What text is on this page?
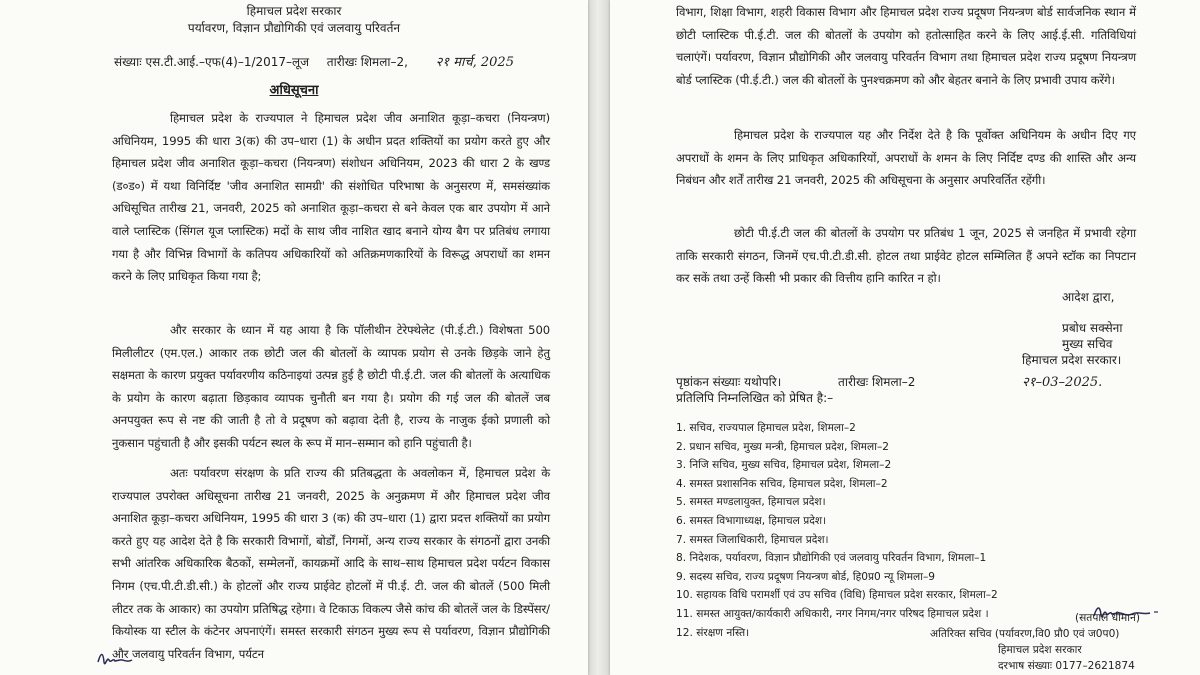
हिमाचल प्रदेश सरकार
पर्यावरण, विज्ञान प्रौद्योगिकी एवं जलवायु परिवर्तन
संख्याः एस.टी.आई.–एफ(4)–1/2017–लूज तारीखः शिमला–2, २१ मार्च, 2025
अधिसूचना
हिमाचल प्रदेश के राज्यपाल ने हिमाचल प्रदेश जीव अनाशित कूड़ा–कचरा (नियन्त्रण) अधिनियम, 1995 की धारा 3(क) की उप–धारा (1) के अधीन प्रदत शक्तियों का प्रयोग करते हुए और हिमाचल प्रदेश जीव अनाशित कूड़ा–कचरा (नियन्त्रण) संशोधन अधिनियम, 2023 की धारा 2 के खण्ड (ड०ड०) में यथा विनिर्दिष्ट 'जीव अनाशित सामग्री' की संशोधित परिभाषा के अनुसरण में, समसंख्यांक अधिसूचित तारीख 21, जनवरी, 2025 को अनाशित कूड़ा–कचरा से बने केवल एक बार उपयोग में आने वाले प्लास्टिक (सिंगल यूज प्लास्टिक) मदों के साथ जीव नाशित खाद बनाने योग्य बैग पर प्रतिबंध लगाया गया है और विभिन्न विभागों के कतिपय अधिकारियों को अतिक्रमणकारियों के विरूद्ध अपराधों का शमन करने के लिए प्राधिकृत किया गया है;
और सरकार के ध्यान में यह आया है कि पॉलीथीन टेरेफ्थेलेट (पी.ई.टी.) विशेषता 500 मिलीलीटर (एम.एल.) आकार तक छोटी जल की बोतलों के व्यापक प्रयोग से उनके छिड़के जाने हेतु सक्षमता के कारण प्रयुक्त पर्यावरणीय कठिनाइयां उत्पन्न हुई है छोटी पी.ई.टी. जल की बोतलों के अत्याधिक के प्रयोग के कारण बढ़ाता छिड़काव व्यापक चुनौती बन गया है। प्रयोग की गई जल की बोतलें जब अनपयुक्त रूप से नष्ट की जाती है तो वे प्रदूषण को बढ़ावा देती है, राज्य के नाजुक ईको प्रणाली को नुकसान पहुंचाती है और इसकी पर्यटन स्थल के रूप में मान–सम्मान को हानि पहुंचाती है।
अतः पर्यावरण संरक्षण के प्रति राज्य की प्रतिबद्धता के अवलोकन में, हिमाचल प्रदेश के राज्यपाल उपरोक्त अधिसूचना तारीख 21 जनवरी, 2025 के अनुक्रमण में और हिमाचल प्रदेश जीव अनाशित कूड़ा–कचरा अधिनियम, 1995 की धारा 3 (क) की उप–धारा (1) द्वारा प्रदत्त शक्तियों का प्रयोग करते हुए यह आदेश देते है कि सरकारी विभागों, बोर्डों, निगमों, अन्य राज्य सरकार के संगठनों द्वारा उनकी सभी आंतरिक अधिकारिक बैठकों, सम्मेलनों, कायक्रमों आदि के साथ–साथ हिमाचल प्रदेश पर्यटन विकास निगम (एच.पी.टी.डी.सी.) के होटलों और राज्य प्राईवेट होटलों में पी.ई. टी. जल की बोतलें (500 मिली लीटर तक के आकार) का उपयोग प्रतिषिद्ध रहेगा। वे टिकाऊ विकल्प जैसे कांच की बोतलें जल के डिस्पेंसर/कियोस्क या स्टील के कंटेनर अपनाएंगें। समस्त सरकारी संगठन मुख्य रूप से पर्यावरण, विज्ञान प्रौद्योगिकी और जलवायु परिवर्तन विभाग, पर्यटन
विभाग, शिक्षा विभाग, शहरी विकास विभाग और हिमाचल प्रदेश राज्य प्रदूषण नियन्त्रण बोर्ड सार्वजनिक स्थान में छोटी प्लास्टिक पी.ई.टी. जल की बोतलों के उपयोग को हतोत्साहित करने के लिए आई.ई.सी. गतिविधियां चलाएंगें। पर्यावरण, विज्ञान प्रौद्योगिकी और जलवायु परिवर्तन विभाग तथा हिमाचल प्रदेश राज्य प्रदूषण नियन्त्रण बोर्ड प्लास्टिक (पी.ई.टी.) जल की बोतलों के पुनश्चक्रमण को और बेहतर बनाने के लिए प्रभावी उपाय करेंगे।
हिमाचल प्रदेश के राज्यपाल यह और निर्देश देते है कि पूर्वोक्त अधिनियम के अधीन दिए गए अपराधों के शमन के लिए प्राधिकृत अधिकारियों, अपराधों के शमन के लिए निर्दिष्ट दण्ड की शास्ति और अन्य निबंधन और शर्तें तारीख 21 जनवरी, 2025 की अधिसूचना के अनुसार अपरिवर्तित रहेंगी।
छोटी पी.ई.टी जल की बोतलों के उपयोग पर प्रतिबंध 1 जून, 2025 से जनहित में प्रभावी रहेगा ताकि सरकारी संगठन, जिनमें एच.पी.टी.डी.सी. होटल तथा प्राईवेट होटल सम्मिलित हैं अपने स्टॉक का निपटान कर सकें तथा उन्हें किसी भी प्रकार की वित्तीय हानि कारित न हो।
आदेश द्वारा,
प्रबोध सक्सेना
मुख्य सचिव
हिमाचल प्रदेश सरकार।
पृष्ठांकन संख्याः यथोपरि।	तारीखः शिमला–2	२१–03–2025.
प्रतिलिपि निम्नलिखित को प्रेषित है:–
1. सचिव, राज्यपाल हिमाचल प्रदेश, शिमला–2
2. प्रधान सचिव, मुख्य मन्त्री, हिमाचल प्रदेश, शिमला–2
3. निजि सचिव, मुख्य सचिव, हिमाचल प्रदेश, शिमला–2
4. समस्त प्रशासनिक सचिव, हिमाचल प्रदेश, शिमला–2
5. समस्त मण्डलायुक्त, हिमाचल प्रदेश।
6. समस्त विभागाध्यक्ष, हिमाचल प्रदेश।
7. समस्त जिलाधिकारी, हिमाचल प्रदेश।
8. निदेशक, पर्यावरण, विज्ञान प्रौद्योगिकी एवं जलवायु परिवर्तन विभाग, शिमला–1
9. सदस्य सचिव, राज्य प्रदूषण नियन्त्रण बोर्ड, हि0प्र0 न्यू शिमला–9
10. सहायक विधि परामर्शी एवं उप सचिव (विधि) हिमाचल प्रदेश सरकार, शिमला–2
11. समस्त आयुक्त/कार्यकारी अधिकारी, नगर निगम/नगर परिषद हिमाचल प्रदेश ।
12. संरक्षण नस्ति।
(सतपाल धीमान)
अतिरिक्त सचिव (पर्यावरण,वि0 प्रौ0 एवं ज0प0)
हिमाचल प्रदेश सरकार
दरभाष संख्याः 0177–2621874
